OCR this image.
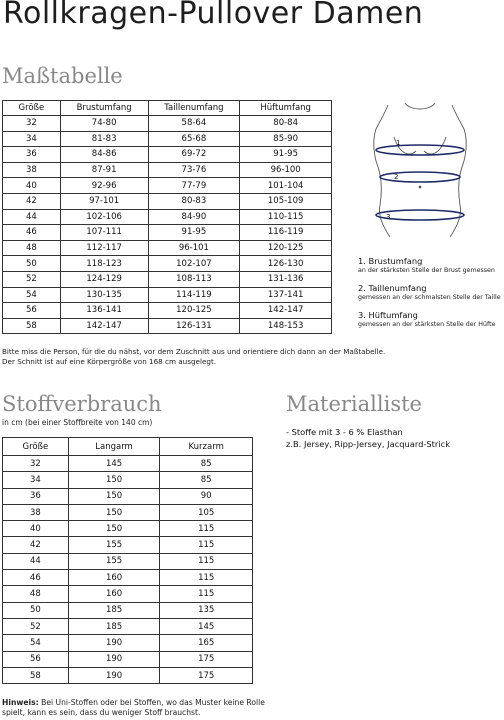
Rollkragen-Pullover Damen
Maßtabelle
Größe	Brustumfang	Taillenumfang	Hüftumfang
32	74-80	58-64	80-84
34	81-83	65-68	85-90
36	84-86	69-72	91-95
38	87-91	73-76	96-100
40	92-96	77-79	101-104
42	97-101	80-83	105-109
44	102-106	84-90	110-115
46	107-111	91-95	116-119
48	112-117	96-101	120-125
50	118-123	102-107	126-130
52	124-129	108-113	131-136
54	130-135	114-119	137-141
56	136-141	120-125	142-147
58	142-147	126-131	148-153
1
2
3
1. Brustumfang
an der stärksten Stelle der Brust gemessen
2. Taillenumfang
gemessen an der schmalsten Stelle der Taille
3. Hüftumfang
gemessen an der stärksten Stelle der Hüfte
Bitte miss die Person, für die du nähst, vor dem Zuschnitt aus und orientiere dich dann an der Maßtabelle.
Der Schnitt ist auf eine Körpergröße von 168 cm ausgelegt.
Stoffverbrauch
in cm (bei einer Stoffbreite von 140 cm)
Größe	Langarm	Kurzarm
32	145	85
34	150	85
36	150	90
38	150	105
40	150	115
42	155	115
44	155	115
46	160	115
48	160	115
50	185	135
52	185	145
54	190	165
56	190	175
58	190	175
Materialliste
- Stoffe mit 3 - 6 % Elasthan
z.B. Jersey, Ripp-Jersey, Jacquard-Strick
Hinweis: Bei Uni-Stoffen oder bei Stoffen, wo das Muster keine Rolle
spielt, kann es sein, dass du weniger Stoff brauchst.
